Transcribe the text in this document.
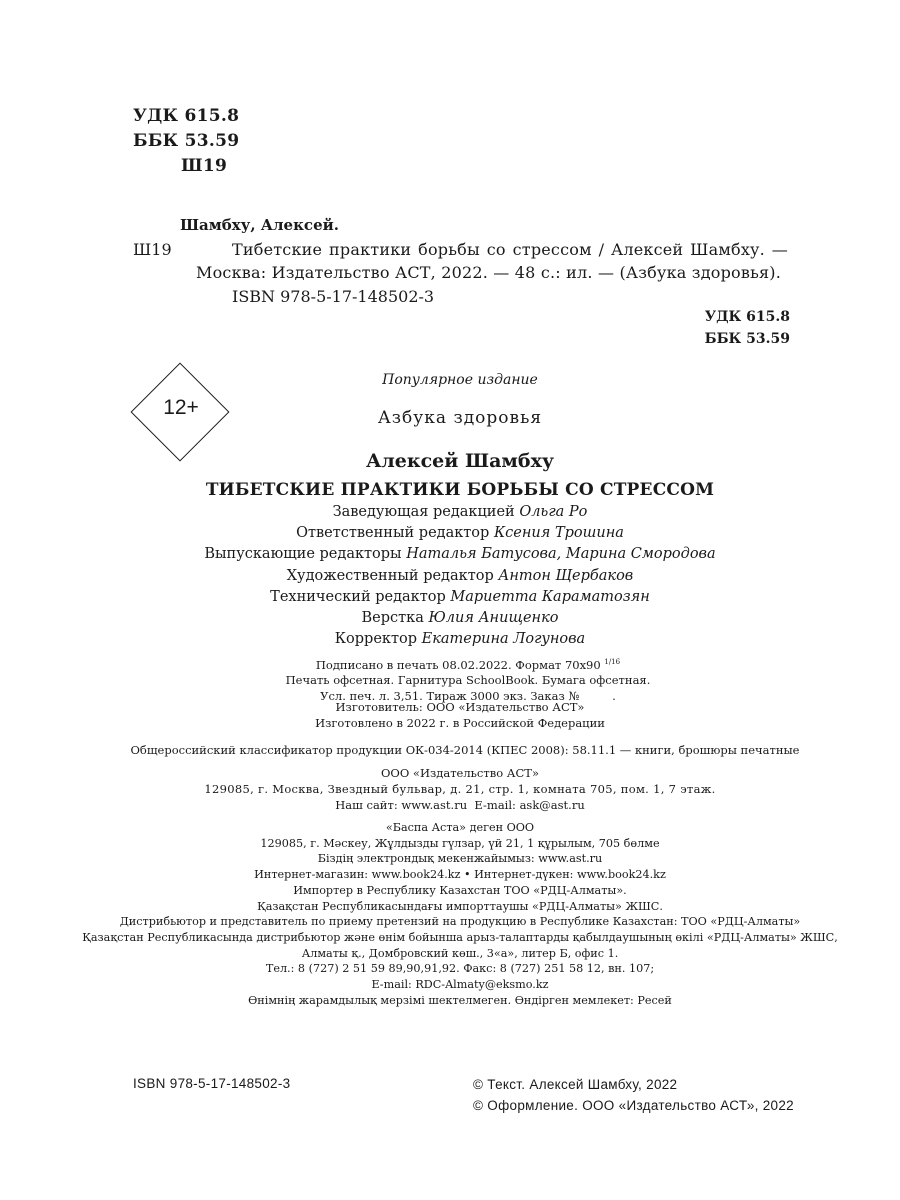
УДК 615.8
ББК 53.59
Ш19
Шамбху, Алексей.
Ш19	Тибетские практики борьбы со стрессом / Алексей Шамбху. —
Москва: Издательство АСТ, 2022. — 48 с.: ил. — (Азбука здоровья).
ISBN 978-5-17-148502-3
УДК 615.8
ББК 53.59
Популярное издание
12+	Азбука здоровья
Алексей Шамбху
ТИБЕТСКИЕ ПРАКТИКИ БОРЬБЫ СО СТРЕССОМ
Заведующая редакцией Ольга Ро
Ответственный редактор Ксения Трошина
Выпускающие редакторы Наталья Батусова, Марина Смородова
Художественный редактор Антон Щербаков
Технический редактор Мариетта Караматозян
Верстка Юлия Анищенко
Корректор Екатерина Логунова
Подписано в печать 08.02.2022. Формат 70x90 $^{1/16}$
Печать офсетная. Гарнитура SchoolBook. Бумага офсетная.
Усл. печ. л. 3,51. Тираж 3000 экз. Заказ №         .
Изготовитель: ООО «Издательство АСТ»
Изготовлено в 2022 г. в Российской Федерации
Общероссийский классификатор продукции ОК-034-2014 (КПЕС 2008): 58.11.1 — книги, брошюры печатные
ООО «Издательство АСТ»
129085, г. Москва, Звездный бульвар, д. 21, стр. 1, комната 705, пом. 1, 7 этаж.
Наш сайт: www.ast.ru  E-mail: ask@ast.ru
«Баспа Аста» деген ООО
129085, г. Мәскеу, Жұлдызды гүлзар, үй 21, 1 құрылым, 705 бөлме
Біздің электрондық мекенжайымыз: www.ast.ru
Интернет-магазин: www.book24.kz • Интернет-дүкен: www.book24.kz
Импортер в Республику Казахстан ТОО «РДЦ-Алматы».
Қазақстан Республикасындағы импорттаушы «РДЦ-Алматы» ЖШС.
Дистрибьютор и представитель по приему претензий на продукцию в Республике Казахстан: ТОО «РДЦ-Алматы»
Қазақстан Республикасында дистрибьютор және өнім бойынша арыз-талаптарды қабылдаушының өкілі «РДЦ-Алматы» ЖШС,
Алматы қ., Домбровский көш., 3«а», литер Б, офис 1.
Тел.: 8 (727) 2 51 59 89,90,91,92. Факс: 8 (727) 251 58 12, вн. 107;
E-mail: RDC-Almaty@eksmo.kz
Өнімнің жарамдылық мерзімі шектелмеген. Өндірген мемлекет: Ресей
ISBN 978-5-17-148502-3	© Текст. Алексей Шамбху, 2022
© Оформление. ООО «Издательство АСТ», 2022
